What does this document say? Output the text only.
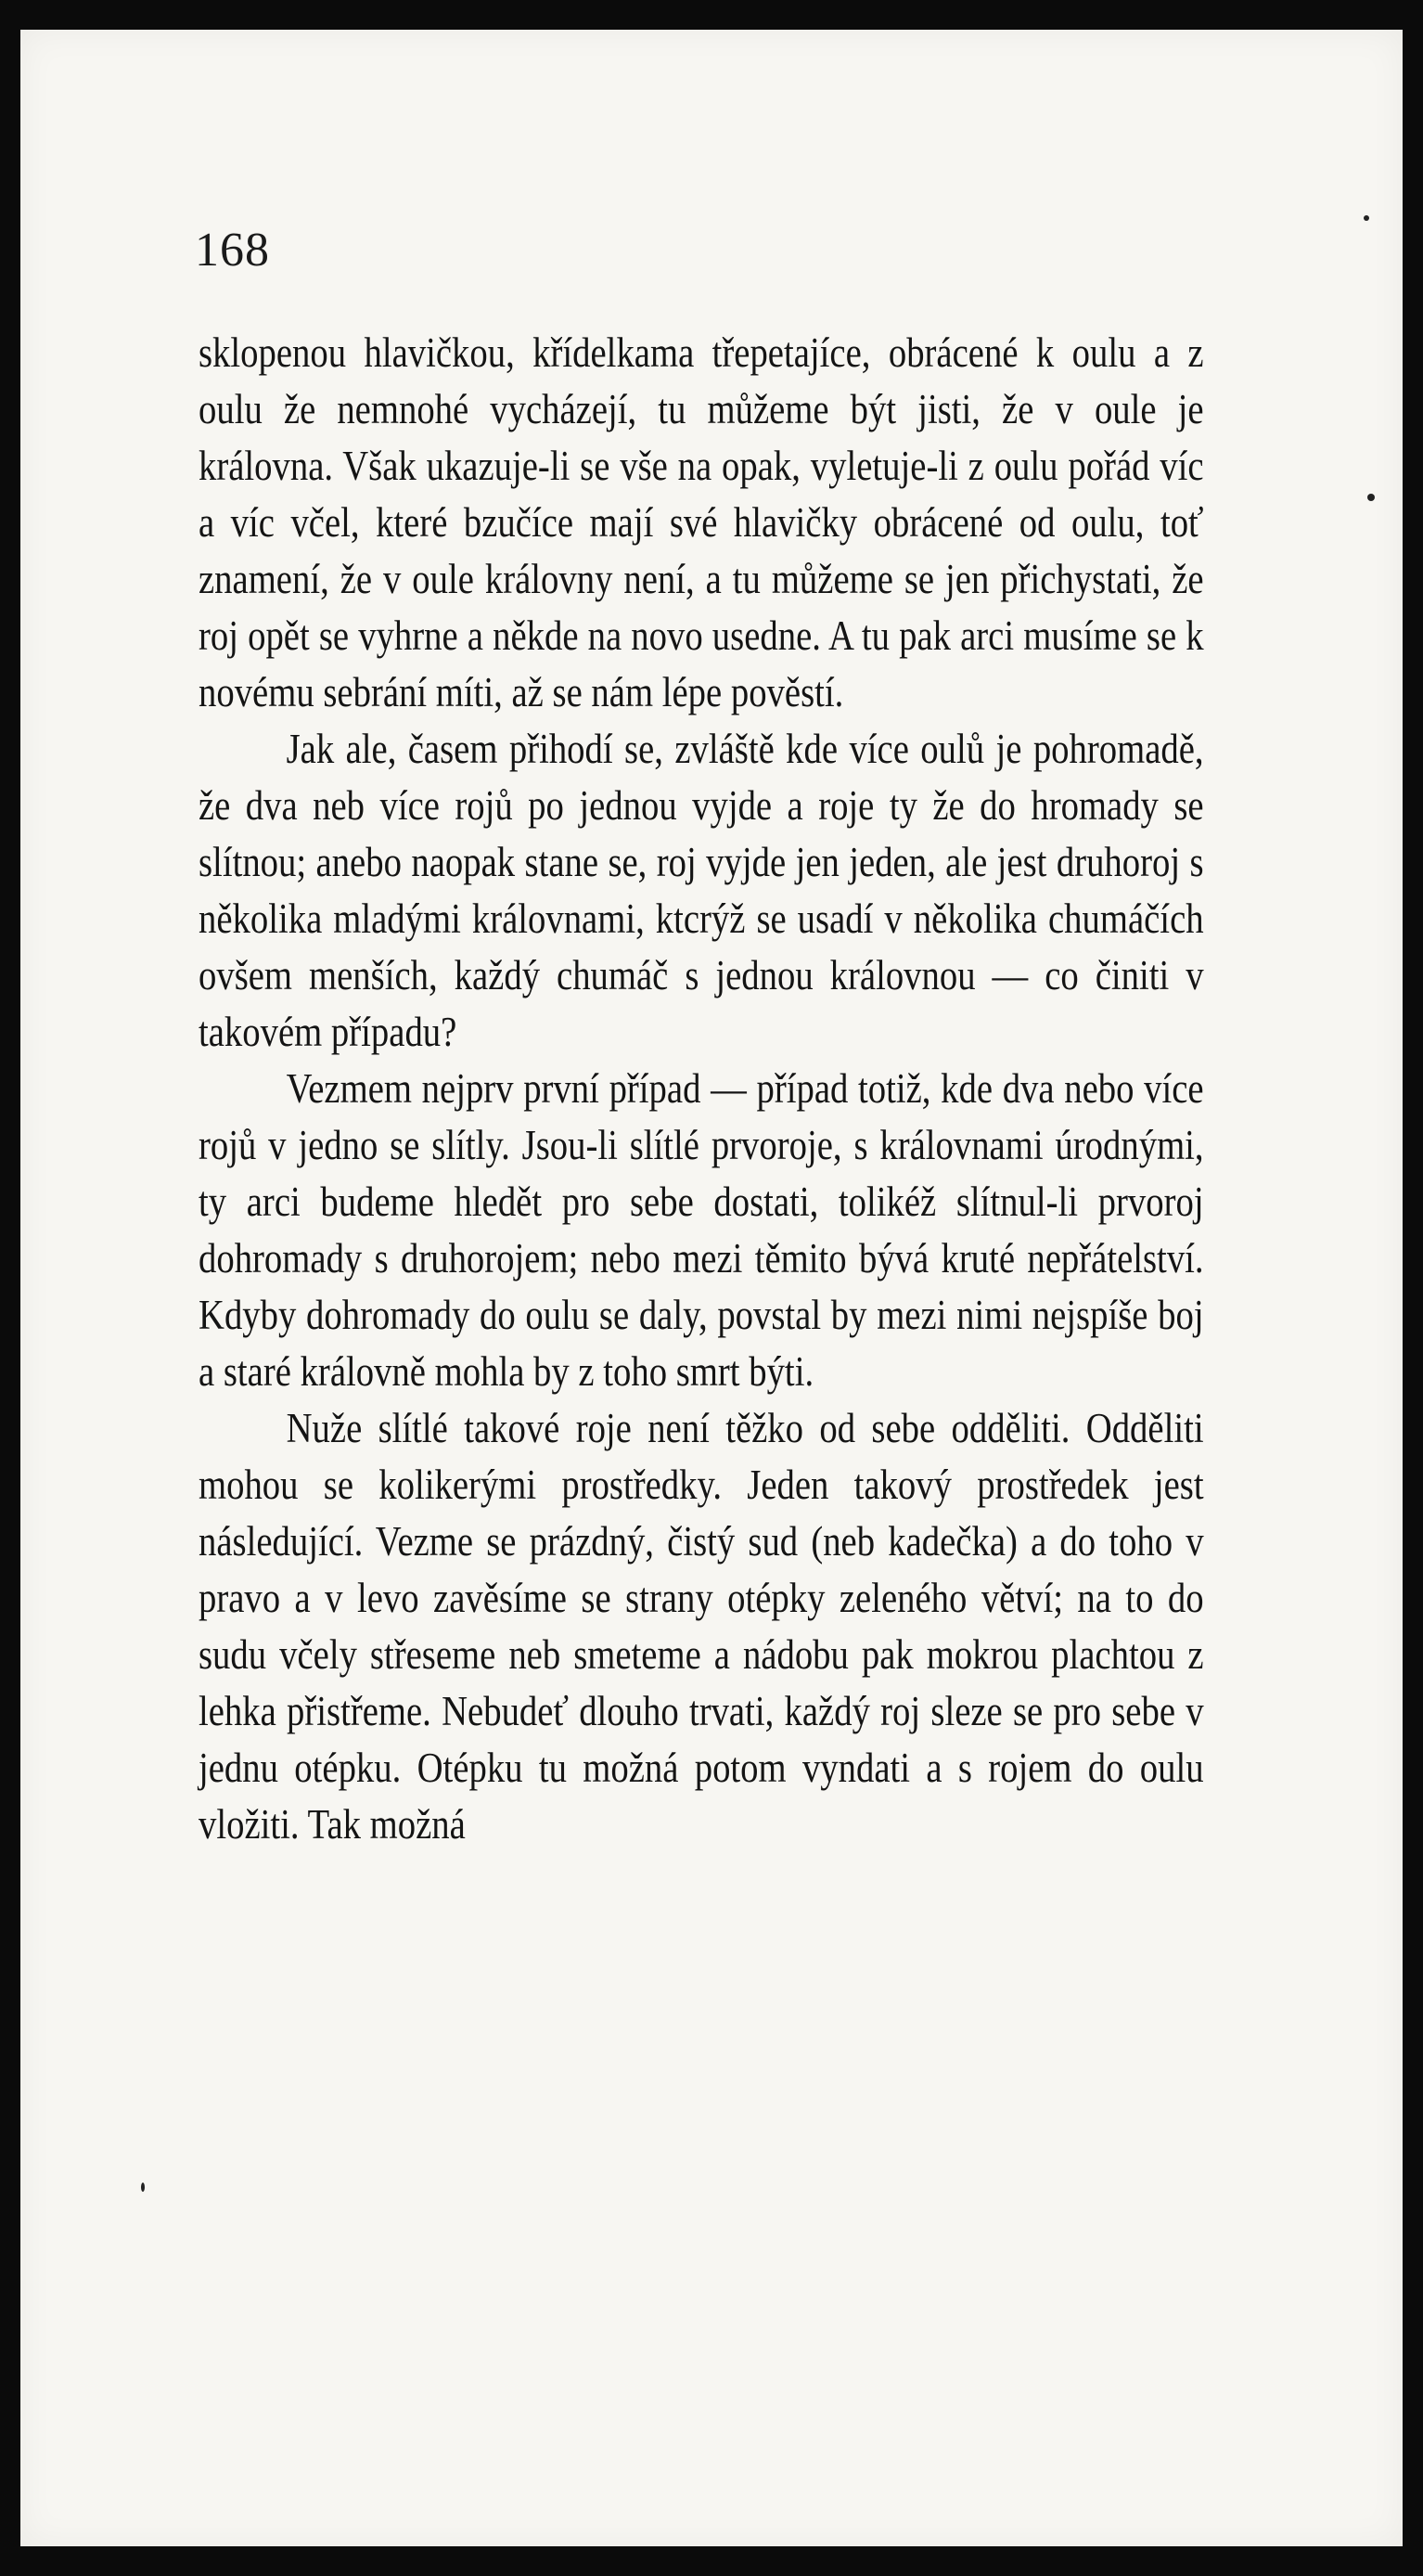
168

sklopenou hlavičkou, křídelkama třepetajíce, obrácené k oulu a z oulu že nemnohé vycházejí, tu můžeme být jisti, že v oule je královna. Však ukazuje-li se vše na opak, vyletuje-li z oulu pořád víc a víc včel, které bzučíce mají své hlavičky obrácené od oulu, toť znamení, že v oule královny není, a tu můžeme se jen přichystati, že roj opět se vyhrne a někde na novo usedne. A tu pak arci musíme se k novému sebrání míti, až se nám lépe pověstí.

Jak ale, časem přihodí se, zvláště kde více oulů je pohromadě, že dva neb více rojů po jednou vyjde a roje ty že do hromady se slítnou; anebo naopak stane se, roj vyjde jen jeden, ale jest druhoroj s několika mladými královnami, ktcrýž se usadí v několika chumáčích ovšem menších, každý chumáč s jednou královnou — co činiti v takovém případu?

Vezmem nejprv první případ — případ totiž, kde dva nebo více rojů v jedno se slítly. Jsou-li slítlé prvoroje, s královnami úrodnými, ty arci budeme hledět pro sebe dostati, tolikéž slítnul-li prvoroj dohromady s druhorojem; nebo mezi těmito bývá kruté nepřátelství. Kdyby dohromady do oulu se daly, povstal by mezi nimi nejspíše boj a staré královně mohla by z toho smrt býti.

Nuže slítlé takové roje není těžko od sebe odděliti. Odděliti mohou se kolikerými prostředky. Jeden takový prostředek jest následující. Vezme se prázdný, čistý sud (neb kadečka) a do toho v pravo a v levo zavěsíme se strany otépky zeleného větví; na to do sudu včely střeseme neb smeteme a nádobu pak mokrou plachtou z lehka přistřeme. Nebudeť dlouho trvati, každý roj sleze se pro sebe v jednu otépku. Otépku tu možná potom vyndati a s rojem do oulu vložiti. Tak možná
